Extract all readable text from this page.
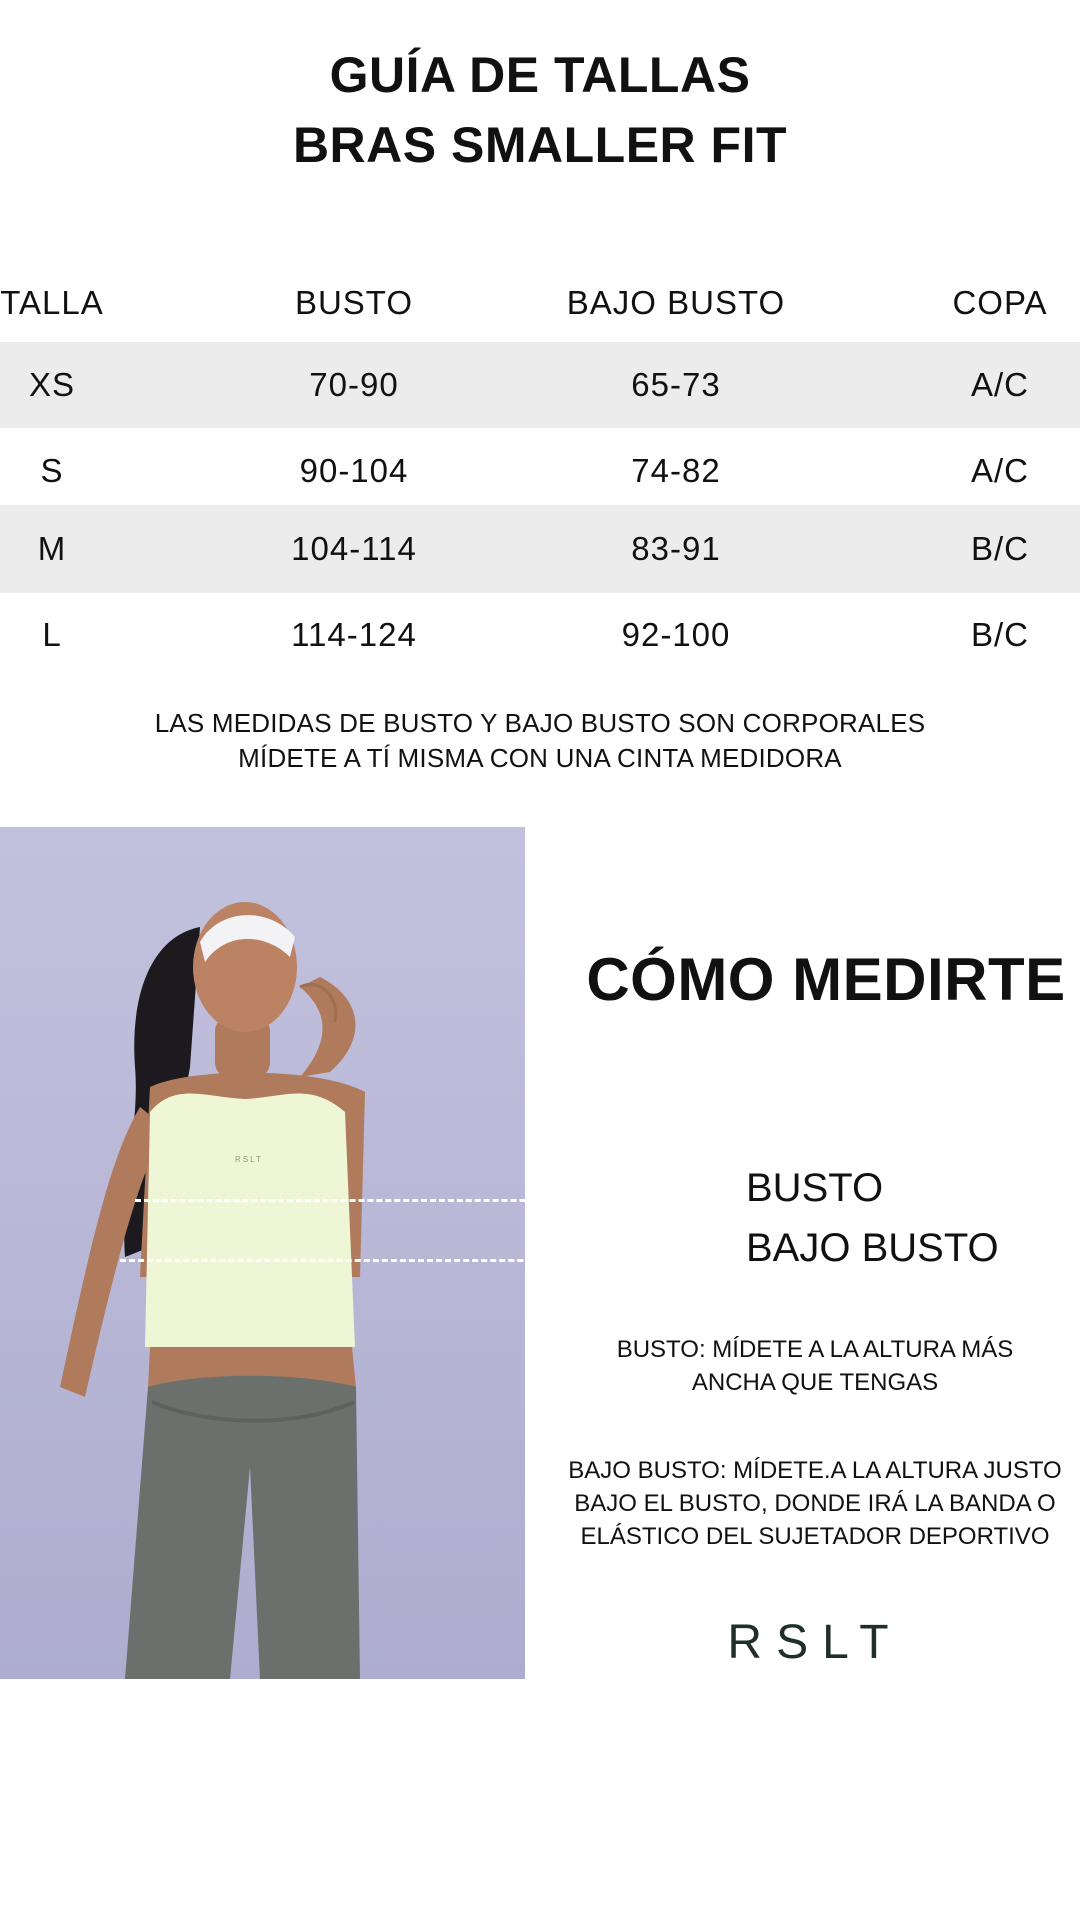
GUÍA DE TALLAS
BRAS SMALLER FIT
TALLA	BUSTO	BAJO BUSTO	COPA
XS	70-90	65-73	A/C
S	90-104	74-82	A/C
M	104-114	83-91	B/C
L	114-124	92-100	B/C
LAS MEDIDAS DE BUSTO Y BAJO BUSTO SON CORPORALES
MÍDETE A TÍ MISMA CON UNA CINTA MEDIDORA
RSLT
CÓMO MEDIRTE
BUSTO
BAJO BUSTO
BUSTO: MÍDETE A LA ALTURA MÁS
ANCHA QUE TENGAS
BAJO BUSTO: MÍDETE.A LA ALTURA JUSTO
BAJO EL BUSTO, DONDE IRÁ LA BANDA O
ELÁSTICO DEL SUJETADOR DEPORTIVO
RSLT
